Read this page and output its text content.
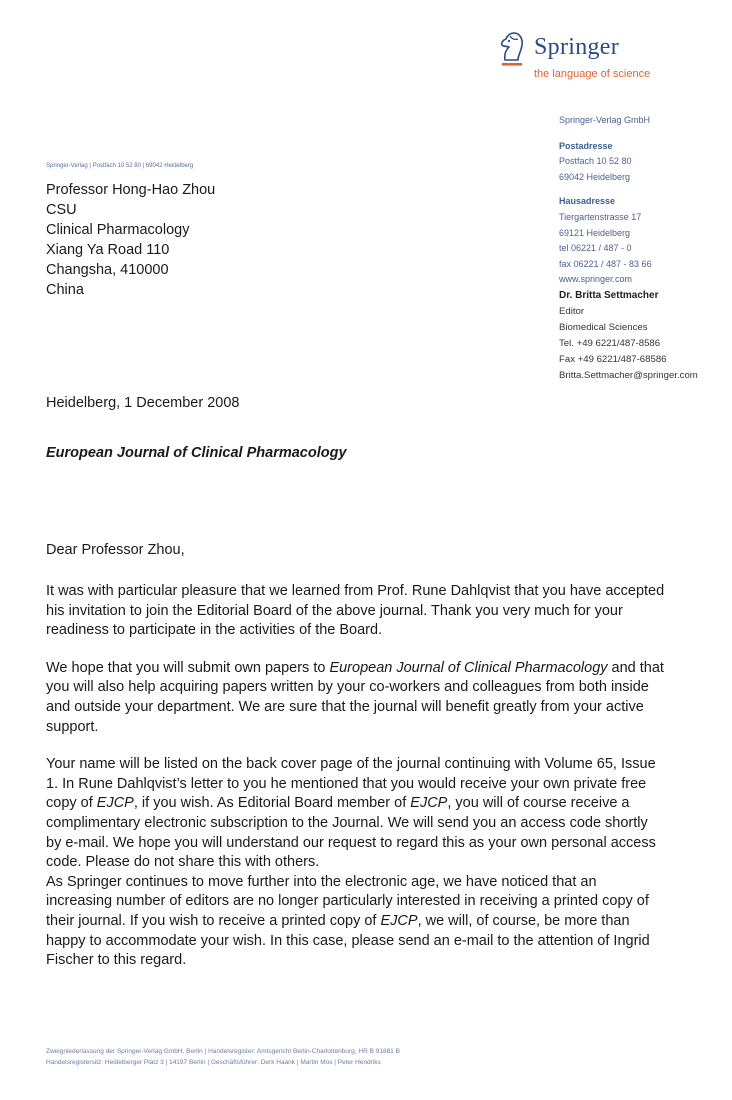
Springer
the language of science
Springer-Verlag GmbH
Postadresse
Postfach 10 52 80
69042 Heidelberg
Hausadresse
Tiergartenstrasse 17
69121 Heidelberg
tel 06221 / 487 - 0
fax 06221 / 487 - 83 66
www.springer.com
Dr. Britta Settmacher
Editor
Biomedical Sciences
Tel. +49 6221/487-8586
Fax +49 6221/487-68586
Britta.Settmacher@springer.com
Springer-Verlag | Postfach 10 52 80 | 69042 Heidelberg
Professor Hong-Hao Zhou
CSU
Clinical Pharmacology
Xiang Ya Road 110
Changsha, 410000
China
Heidelberg, 1 December 2008
European Journal of Clinical Pharmacology
Dear Professor Zhou,

It was with particular pleasure that we learned from Prof. Rune Dahlqvist that you have accepted his invitation to join the Editorial Board of the above journal. Thank you very much for your readiness to participate in the activities of the Board.

We hope that you will submit own papers to European Journal of Clinical Pharmacology and that you will also help acquiring papers written by your co-workers and colleagues from both inside and outside your department. We are sure that the journal will benefit greatly from your active support.

Your name will be listed on the back cover page of the journal continuing with Volume 65, Issue 1. In Rune Dahlqvist’s letter to you he mentioned that you would receive your own private free copy of EJCP, if you wish. As Editorial Board member of EJCP, you will of course receive a complimentary electronic subscription to the Journal. We will send you an access code shortly by e-mail. We hope you will understand our request to regard this as your own personal access code. Please do not share this with others.

As Springer continues to move further into the electronic age, we have noticed that an increasing number of editors are no longer particularly interested in receiving a printed copy of their journal. If you wish to receive a printed copy of EJCP, we will, of course, be more than happy to accommodate your wish. In this case, please send an e-mail to the attention of Ingrid Fischer to this regard.

Zweigniederlassung der Springer-Verlag GmbH, Berlin | Handelsregister: Amtsgericht Berlin-Charlottenburg, HR B 91881 B
Handelsregistersitz: Heidelberger Platz 3 | 14197 Berlin | Geschäftsführer: Derk Haank | Martin Mos | Peter Hendriks
